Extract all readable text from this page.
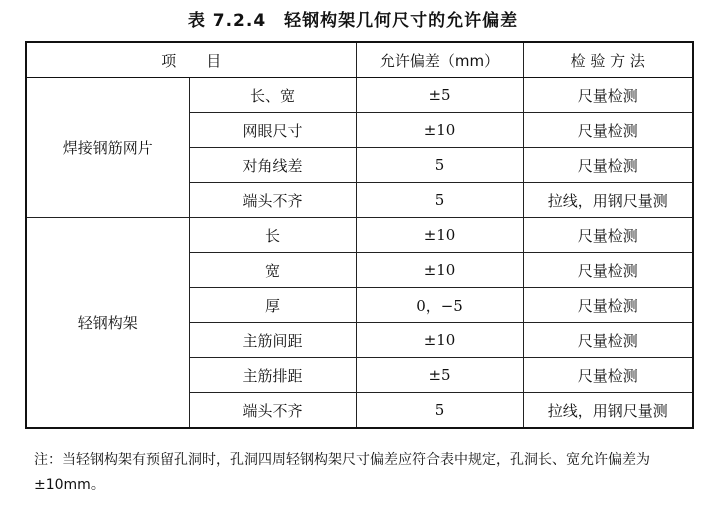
表 7.2.4　轻钢构架几何尺寸的允许偏差
项　　目		允许偏差（mm）	检 验 方 法
焊接钢筋网片	长、宽	±5	尺量检测
	网眼尺寸	±10	尺量检测
	对角线差	5	尺量检测
	端头不齐	5	拉线，用钢尺量测
轻钢构架	长	±10	尺量检测
	宽	±10	尺量检测
	厚	0，−5	尺量检测
	主筋间距	±10	尺量检测
	主筋排距	±5	尺量检测
	端头不齐	5	拉线，用钢尺量测
注：当轻钢构架有预留孔洞时，孔洞四周轻钢构架尺寸偏差应符合表中规定，孔洞长、宽允许偏差为±10mm。
